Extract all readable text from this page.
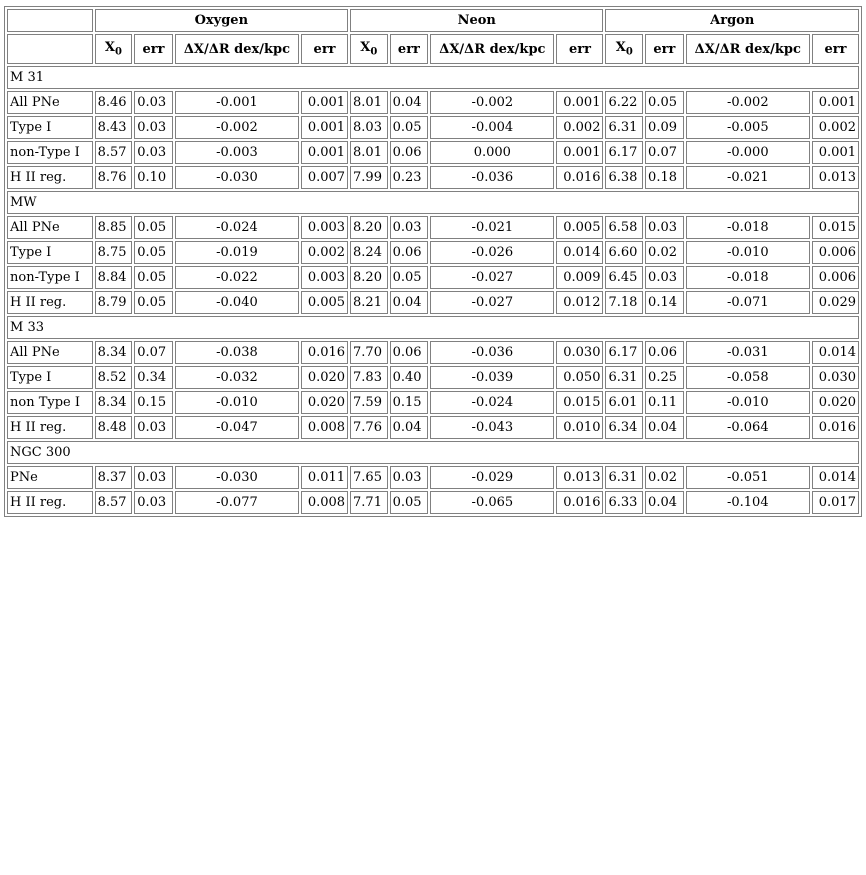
	Oxygen				Neon				Argon			
	$X_0$	err	ΔX/ΔR dex/kpc	err	$X_0$	err	ΔX/ΔR dex/kpc	err	$X_0$	err	ΔX/ΔR dex/kpc	err
M 31												
All PNe	8.46	0.03	-0.001	0.001	8.01	0.04	-0.002	0.001	6.22	0.05	-0.002	0.001
Type I	8.43	0.03	-0.002	0.001	8.03	0.05	-0.004	0.002	6.31	0.09	-0.005	0.002
non-Type I	8.57	0.03	-0.003	0.001	8.01	0.06	0.000	0.001	6.17	0.07	-0.000	0.001
H II reg.	8.76	0.10	-0.030	0.007	7.99	0.23	-0.036	0.016	6.38	0.18	-0.021	0.013
MW												
All PNe	8.85	0.05	-0.024	0.003	8.20	0.03	-0.021	0.005	6.58	0.03	-0.018	0.015
Type I	8.75	0.05	-0.019	0.002	8.24	0.06	-0.026	0.014	6.60	0.02	-0.010	0.006
non-Type I	8.84	0.05	-0.022	0.003	8.20	0.05	-0.027	0.009	6.45	0.03	-0.018	0.006
H II reg.	8.79	0.05	-0.040	0.005	8.21	0.04	-0.027	0.012	7.18	0.14	-0.071	0.029
M 33												
All PNe	8.34	0.07	-0.038	0.016	7.70	0.06	-0.036	0.030	6.17	0.06	-0.031	0.014
Type I	8.52	0.34	-0.032	0.020	7.83	0.40	-0.039	0.050	6.31	0.25	-0.058	0.030
non Type I	8.34	0.15	-0.010	0.020	7.59	0.15	-0.024	0.015	6.01	0.11	-0.010	0.020
H II reg.	8.48	0.03	-0.047	0.008	7.76	0.04	-0.043	0.010	6.34	0.04	-0.064	0.016
NGC 300												
PNe	8.37	0.03	-0.030	0.011	7.65	0.03	-0.029	0.013	6.31	0.02	-0.051	0.014
H II reg.	8.57	0.03	-0.077	0.008	7.71	0.05	-0.065	0.016	6.33	0.04	-0.104	0.017
